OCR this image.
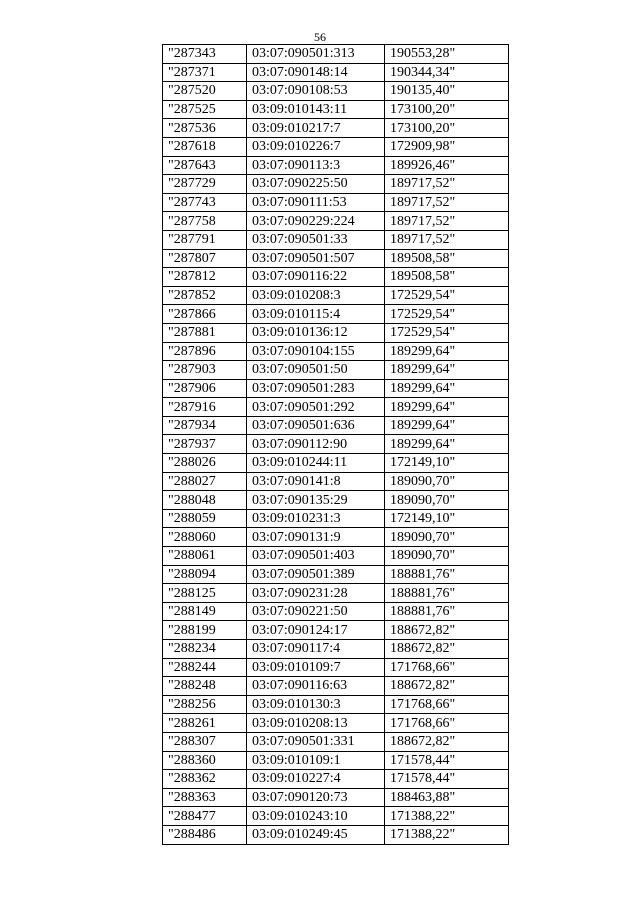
56
"287343	03:07:090501:313	190553,28"
"287371	03:07:090148:14	190344,34"
"287520	03:07:090108:53	190135,40"
"287525	03:09:010143:11	173100,20"
"287536	03:09:010217:7	173100,20"
"287618	03:09:010226:7	172909,98"
"287643	03:07:090113:3	189926,46"
"287729	03:07:090225:50	189717,52"
"287743	03:07:090111:53	189717,52"
"287758	03:07:090229:224	189717,52"
"287791	03:07:090501:33	189717,52"
"287807	03:07:090501:507	189508,58"
"287812	03:07:090116:22	189508,58"
"287852	03:09:010208:3	172529,54"
"287866	03:09:010115:4	172529,54"
"287881	03:09:010136:12	172529,54"
"287896	03:07:090104:155	189299,64"
"287903	03:07:090501:50	189299,64"
"287906	03:07:090501:283	189299,64"
"287916	03:07:090501:292	189299,64"
"287934	03:07:090501:636	189299,64"
"287937	03:07:090112:90	189299,64"
"288026	03:09:010244:11	172149,10"
"288027	03:07:090141:8	189090,70"
"288048	03:07:090135:29	189090,70"
"288059	03:09:010231:3	172149,10"
"288060	03:07:090131:9	189090,70"
"288061	03:07:090501:403	189090,70"
"288094	03:07:090501:389	188881,76"
"288125	03:07:090231:28	188881,76"
"288149	03:07:090221:50	188881,76"
"288199	03:07:090124:17	188672,82"
"288234	03:07:090117:4	188672,82"
"288244	03:09:010109:7	171768,66"
"288248	03:07:090116:63	188672,82"
"288256	03:09:010130:3	171768,66"
"288261	03:09:010208:13	171768,66"
"288307	03:07:090501:331	188672,82"
"288360	03:09:010109:1	171578,44"
"288362	03:09:010227:4	171578,44"
"288363	03:07:090120:73	188463,88"
"288477	03:09:010243:10	171388,22"
"288486	03:09:010249:45	171388,22"
